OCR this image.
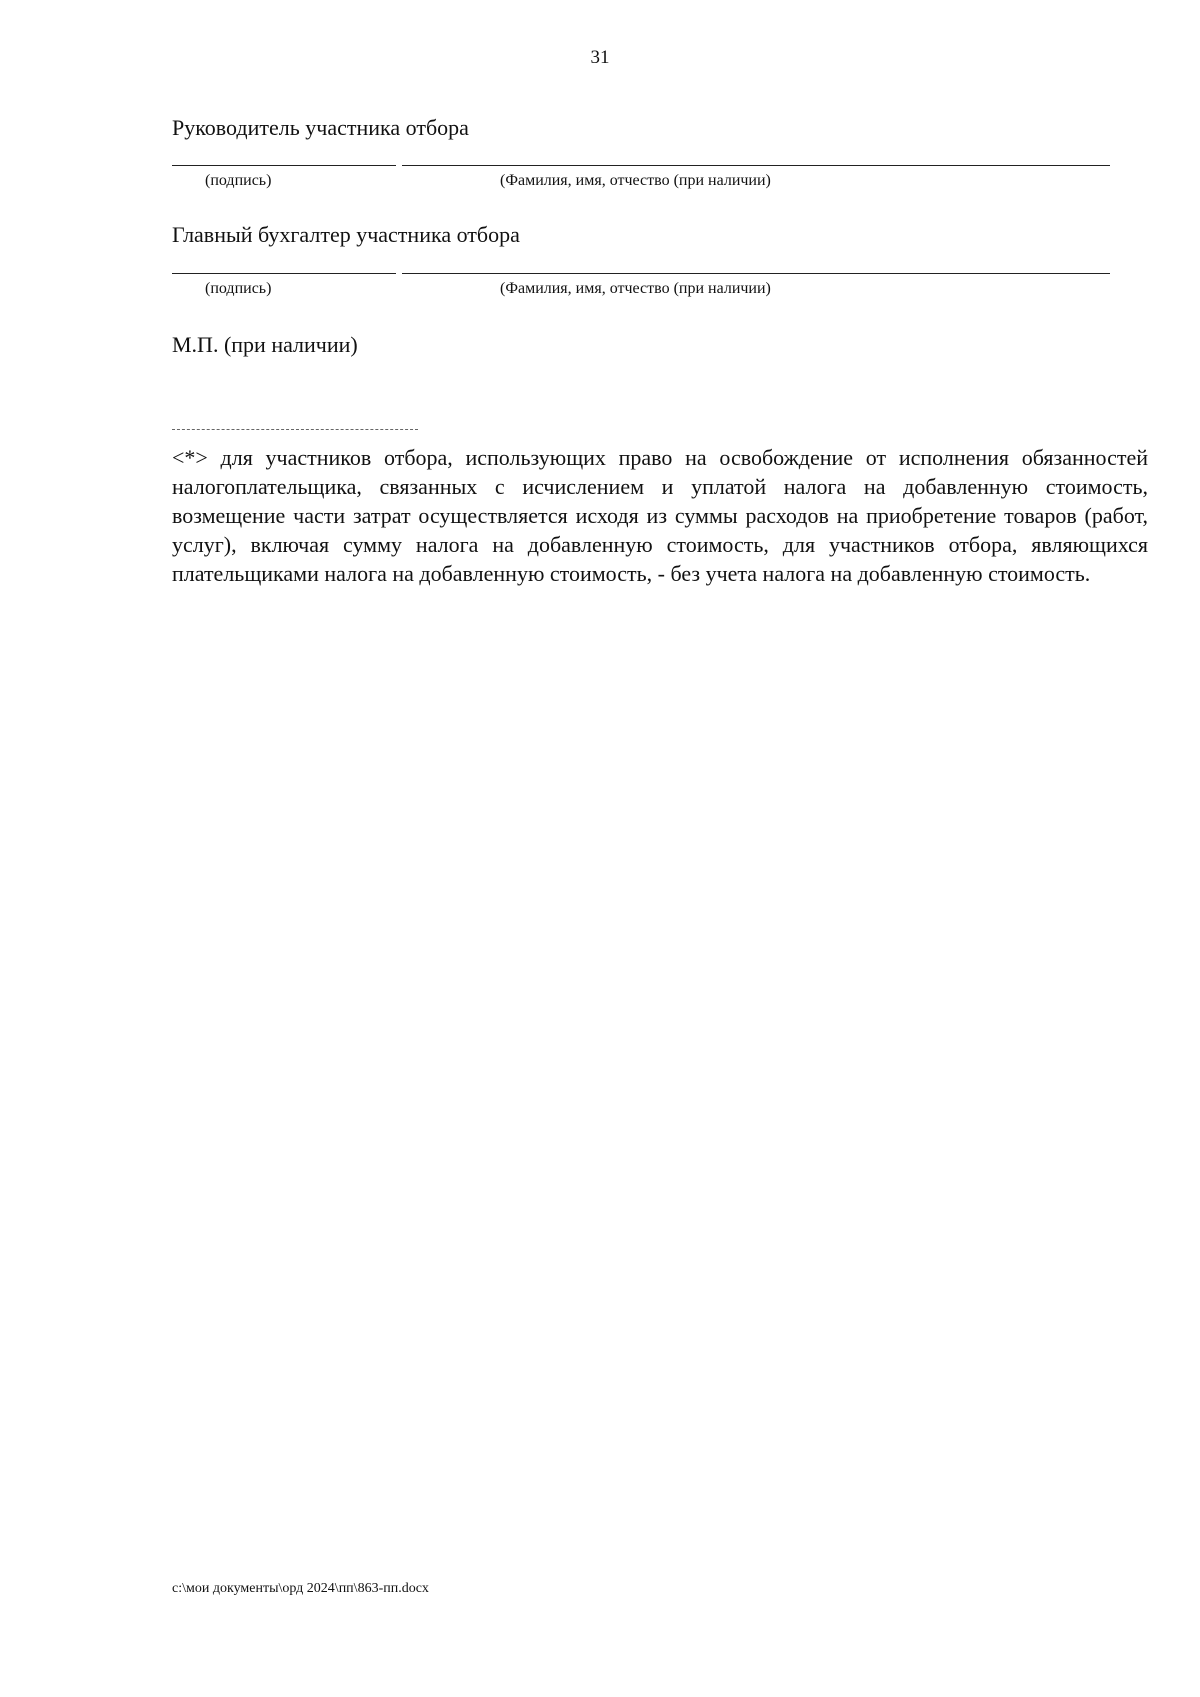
31
Руководитель участника отбора
(подпись)	(Фамилия, имя, отчество (при наличии)
Главный бухгалтер участника отбора
(подпись)	(Фамилия, имя, отчество (при наличии)
М.П. (при наличии)
<*> для участников отбора, использующих право на освобождение от исполнения обязанностей налогоплательщика, связанных с исчислением и уплатой налога на добавленную стоимость, возмещение части затрат осуществляется исходя из суммы расходов на приобретение товаров (работ, услуг), включая сумму налога на добавленную стоимость, для участников отбора, являющихся плательщиками налога на добавленную стоимость, - без учета налога на добавленную стоимость.
c:\мои документы\орд 2024\пп\863-пп.docx
